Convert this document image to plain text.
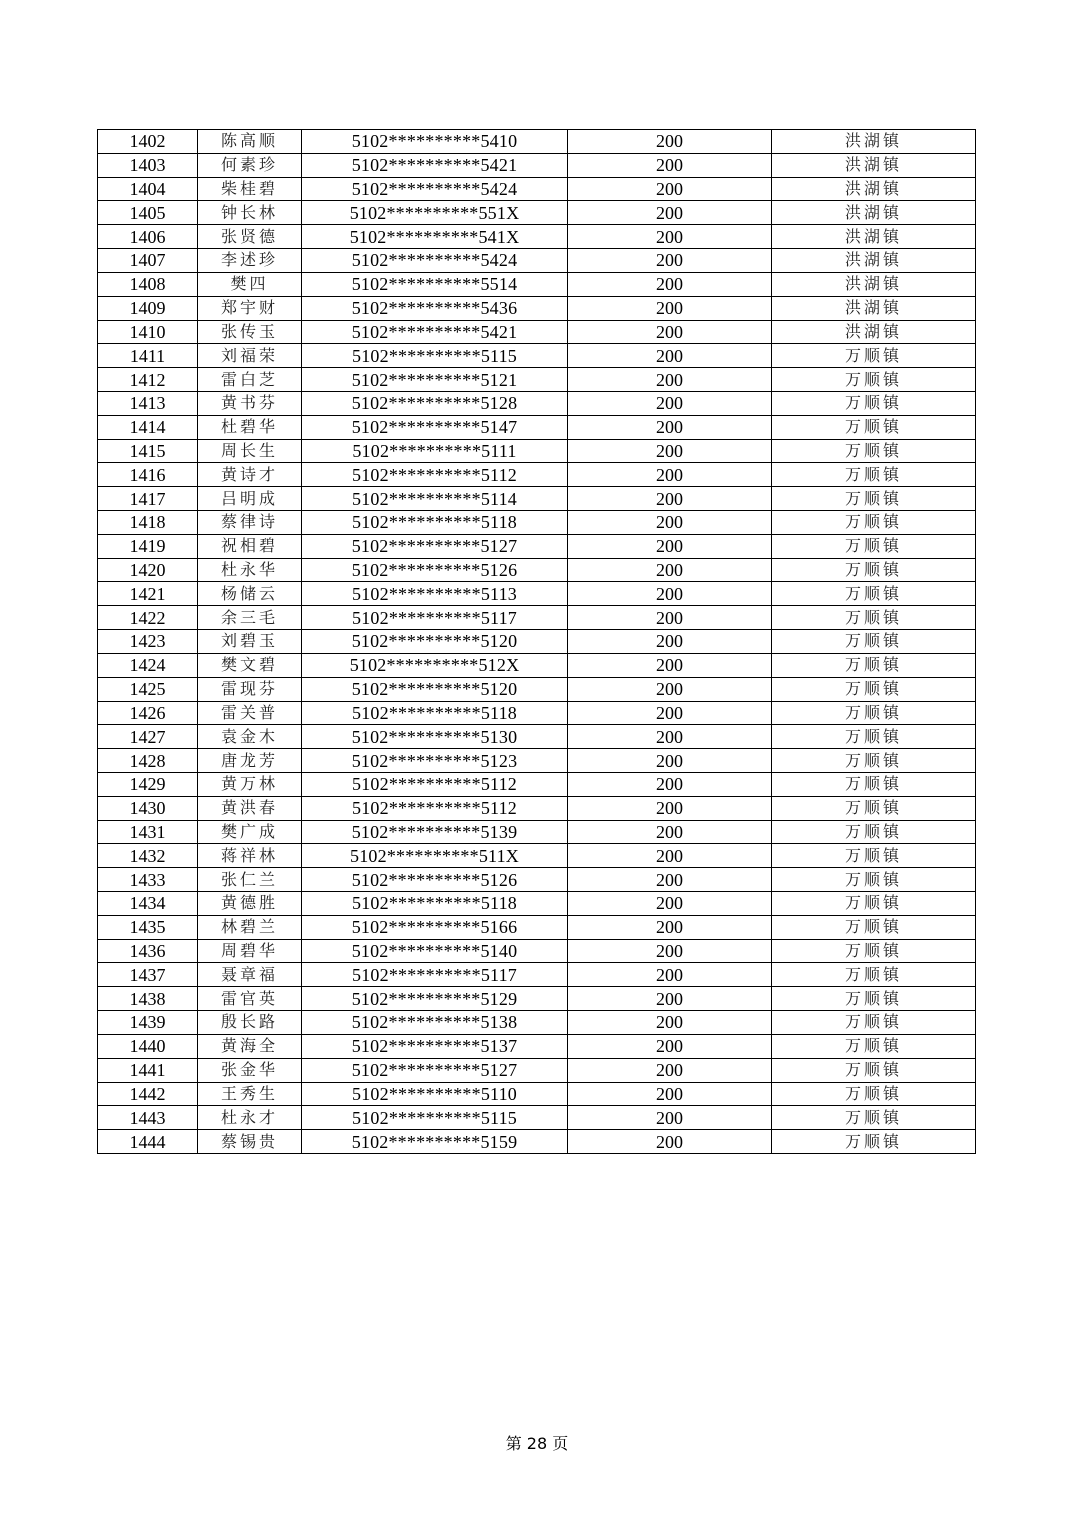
1402	陈高顺	5102**********5410	200	洪湖镇
1403	何素珍	5102**********5421	200	洪湖镇
1404	柴桂碧	5102**********5424	200	洪湖镇
1405	钟长林	5102**********551X	200	洪湖镇
1406	张贤德	5102**********541X	200	洪湖镇
1407	李述珍	5102**********5424	200	洪湖镇
1408	樊四	5102**********5514	200	洪湖镇
1409	郑宇财	5102**********5436	200	洪湖镇
1410	张传玉	5102**********5421	200	洪湖镇
1411	刘福荣	5102**********5115	200	万顺镇
1412	雷白芝	5102**********5121	200	万顺镇
1413	黄书芬	5102**********5128	200	万顺镇
1414	杜碧华	5102**********5147	200	万顺镇
1415	周长生	5102**********5111	200	万顺镇
1416	黄诗才	5102**********5112	200	万顺镇
1417	吕明成	5102**********5114	200	万顺镇
1418	蔡律诗	5102**********5118	200	万顺镇
1419	祝相碧	5102**********5127	200	万顺镇
1420	杜永华	5102**********5126	200	万顺镇
1421	杨储云	5102**********5113	200	万顺镇
1422	余三毛	5102**********5117	200	万顺镇
1423	刘碧玉	5102**********5120	200	万顺镇
1424	樊文碧	5102**********512X	200	万顺镇
1425	雷现芬	5102**********5120	200	万顺镇
1426	雷关普	5102**********5118	200	万顺镇
1427	袁金木	5102**********5130	200	万顺镇
1428	唐龙芳	5102**********5123	200	万顺镇
1429	黄万林	5102**********5112	200	万顺镇
1430	黄洪春	5102**********5112	200	万顺镇
1431	樊广成	5102**********5139	200	万顺镇
1432	蒋祥林	5102**********511X	200	万顺镇
1433	张仁兰	5102**********5126	200	万顺镇
1434	黄德胜	5102**********5118	200	万顺镇
1435	林碧兰	5102**********5166	200	万顺镇
1436	周碧华	5102**********5140	200	万顺镇
1437	聂章福	5102**********5117	200	万顺镇
1438	雷官英	5102**********5129	200	万顺镇
1439	殷长路	5102**********5138	200	万顺镇
1440	黄海全	5102**********5137	200	万顺镇
1441	张金华	5102**********5127	200	万顺镇
1442	王秀生	5102**********5110	200	万顺镇
1443	杜永才	5102**********5115	200	万顺镇
1444	蔡锡贵	5102**********5159	200	万顺镇
第 28 页
